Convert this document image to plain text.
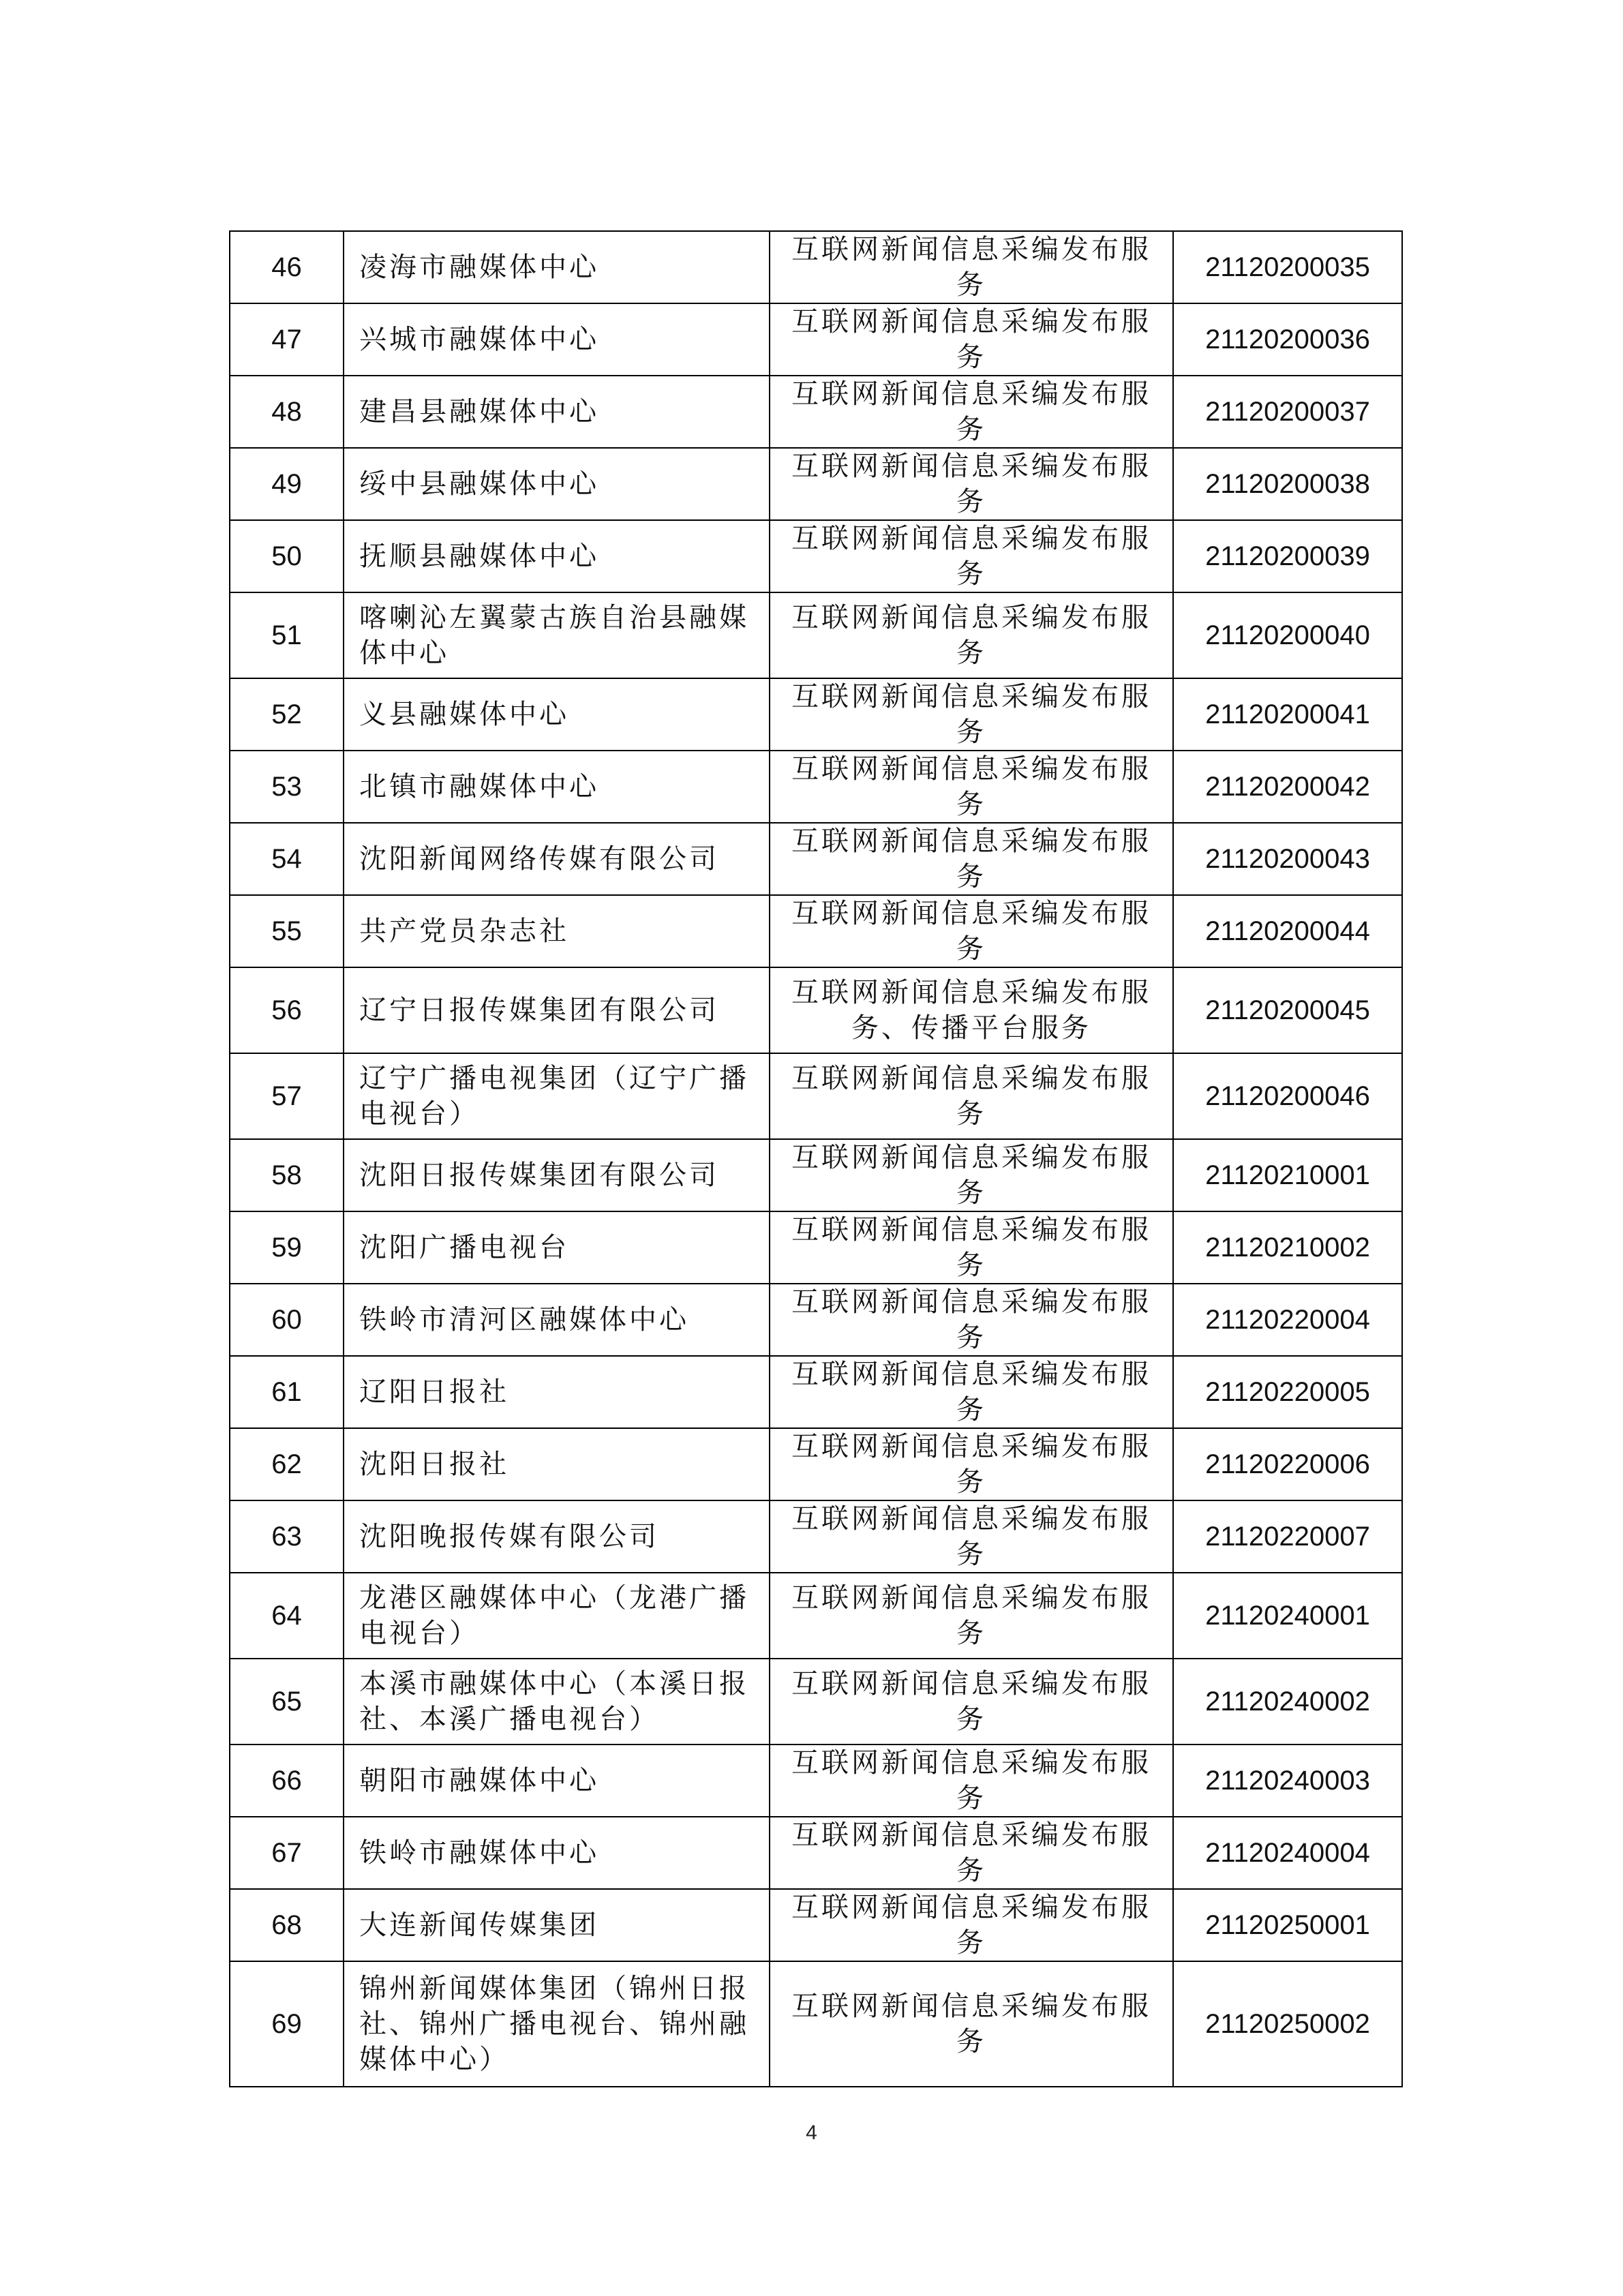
46	凌海市融媒体中心	互联网新闻信息采编发布服务	21120200035
47	兴城市融媒体中心	互联网新闻信息采编发布服务	21120200036
48	建昌县融媒体中心	互联网新闻信息采编发布服务	21120200037
49	绥中县融媒体中心	互联网新闻信息采编发布服务	21120200038
50	抚顺县融媒体中心	互联网新闻信息采编发布服务	21120200039
51	喀喇沁左翼蒙古族自治县融媒体中心	互联网新闻信息采编发布服务	21120200040
52	义县融媒体中心	互联网新闻信息采编发布服务	21120200041
53	北镇市融媒体中心	互联网新闻信息采编发布服务	21120200042
54	沈阳新闻网络传媒有限公司	互联网新闻信息采编发布服务	21120200043
55	共产党员杂志社	互联网新闻信息采编发布服务	21120200044
56	辽宁日报传媒集团有限公司	互联网新闻信息采编发布服务、传播平台服务	21120200045
57	辽宁广播电视集团（辽宁广播电视台）	互联网新闻信息采编发布服务	21120200046
58	沈阳日报传媒集团有限公司	互联网新闻信息采编发布服务	21120210001
59	沈阳广播电视台	互联网新闻信息采编发布服务	21120210002
60	铁岭市清河区融媒体中心	互联网新闻信息采编发布服务	21120220004
61	辽阳日报社	互联网新闻信息采编发布服务	21120220005
62	沈阳日报社	互联网新闻信息采编发布服务	21120220006
63	沈阳晚报传媒有限公司	互联网新闻信息采编发布服务	21120220007
64	龙港区融媒体中心（龙港广播电视台）	互联网新闻信息采编发布服务	21120240001
65	本溪市融媒体中心（本溪日报社、本溪广播电视台）	互联网新闻信息采编发布服务	21120240002
66	朝阳市融媒体中心	互联网新闻信息采编发布服务	21120240003
67	铁岭市融媒体中心	互联网新闻信息采编发布服务	21120240004
68	大连新闻传媒集团	互联网新闻信息采编发布服务	21120250001
69	锦州新闻媒体集团（锦州日报社、锦州广播电视台、锦州融媒体中心）	互联网新闻信息采编发布服务	21120250002
4
